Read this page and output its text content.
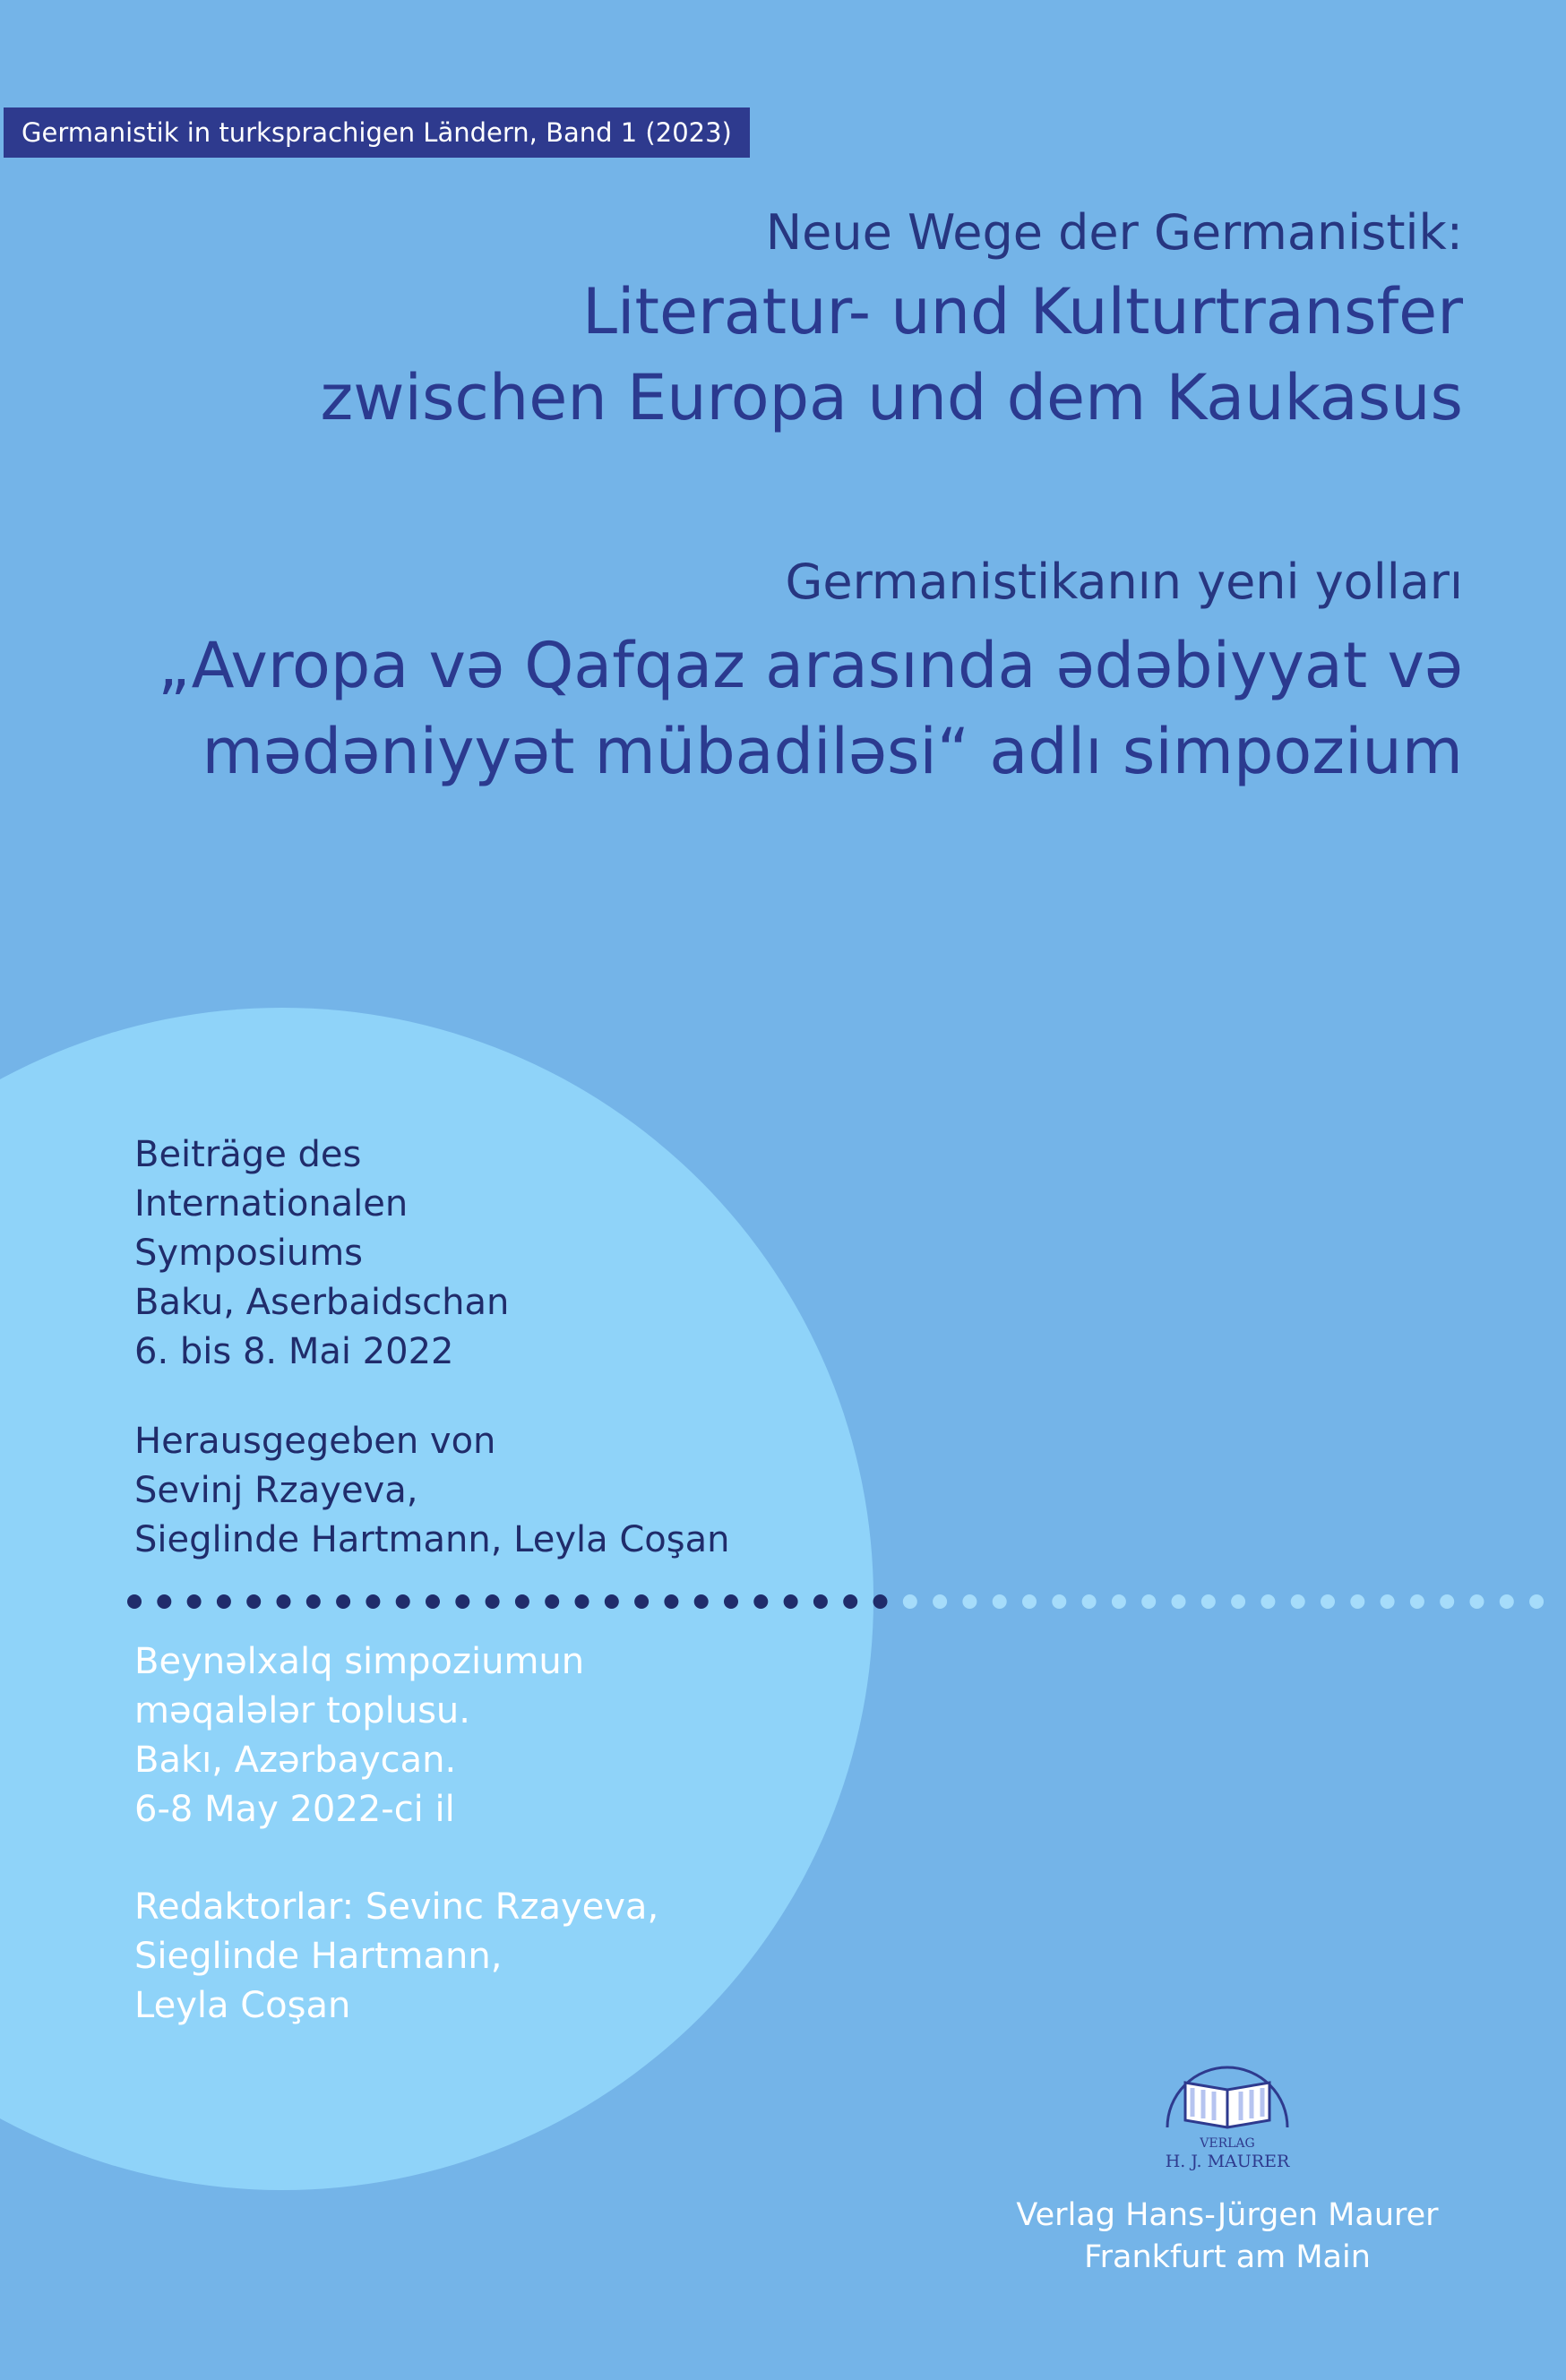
Germanistik in turksprachigen Ländern, Band 1 (2023)
Neue Wege der Germanistik:
Literatur- und Kulturtransfer
zwischen Europa und dem Kaukasus
Germanistikanın yeni yolları
„Avropa və Qafqaz arasında ədəbiyyat və
mədəniyyət mübadiləsi“ adlı simpozium
Beiträge des
Internationalen
Symposiums
Baku, Aserbaidschan
6. bis 8. Mai 2022
Herausgegeben von
Sevinj Rzayeva,
Sieglinde Hartmann, Leyla Coşan
Beynəlxalq simpoziumun
məqalələr toplusu.
Bakı, Azərbaycan.
6-8 May 2022-ci il
Redaktorlar: Sevinc Rzayeva,
Sieglinde Hartmann,
Leyla Coşan
VERLAG
H. J. MAURER
Verlag Hans-Jürgen Maurer
Frankfurt am Main
